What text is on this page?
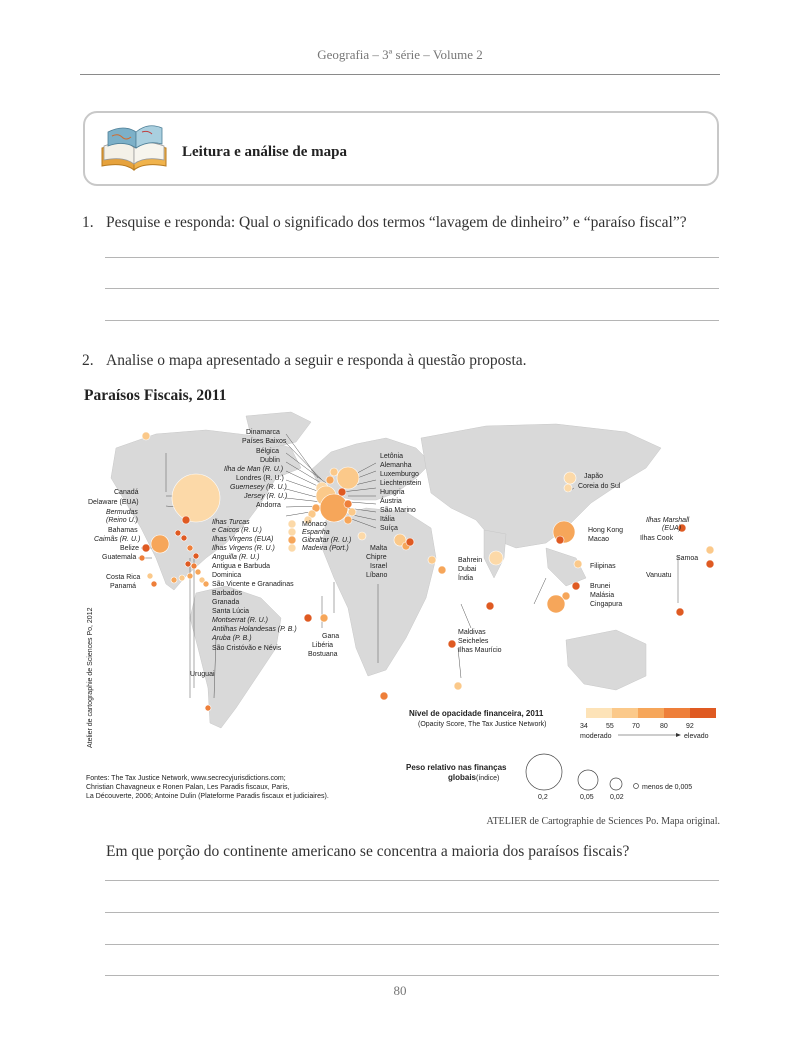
Geografia – 3ª série – Volume 2
Leitura e análise de mapa
1. Pesquise e responda: Qual o significado dos termos “lavagem de dinheiro” e “paraíso fiscal”?
2. Analise o mapa apresentado a seguir e responda à questão proposta.
Paraísos Fiscais, 2011
Dinamarca
Países Baixos
Bélgica
Dublin
Ilha de Man (R. U.)
Londres (R. U.)
Guernesey (R. U.)
Jersey (R. U.)
Andorra
Letônia
Alemanha
Luxemburgo
Liechtenstein
Hungria
Áustria
São Marino
Itália
Suíça
Mônaco
Espanha
Gibraltar (R. U.)
Madeira (Port.)	Malta
Chipre
Israel
Líbano
Bahrein
Dubai
Índia
Japão
Coreia do Sul
Hong Kong
Macao
Filipinas
Brunei
Malásia
Cingapura
Ilhas Marshall
(EUA)
Ilhas Cook
Samoa
Vanuatu
Canadá
Delaware (EUA)
Bermudas
(Reino U.)
Bahamas
Caimãs (R. U.)
Belize
Guatemala
Costa Rica
Panamá
Ilhas Turcas
e Caicos (R. U.)
Ilhas Virgens (EUA)
Ilhas Virgens (R. U.)
Anguilla (R. U.)
Antigua e Barbuda
Dominica
São Vicente e Granadinas
Barbados
Granada
Santa Lúcia
Montserrat (R. U.)
Antilhas Holandesas (P. B.)
Aruba (P. B.)
São Cristóvão e Névis
Uruguai
Gana
Libéria
Bostuana
Maldivas
Seicheles
Ilhas Maurício
Atelier de cartographie de Sciences Po, 2012	Nível de opacidade financeira, 2011
(Opacity Score, The Tax Justice Network)	34	55	70	80	92
moderado	elevado
Peso relativo nas finanças
globais (índice)
0,2	0,05 0,02
menos de 0,005
Fontes: The Tax Justice Network, www.secrecyjurisdictions.com;
Christian Chavagneux e Ronen Palan, Les Paradis fiscaux, Paris,
La Découverte, 2006; Antoine Dulin (Plateforme Paradis fiscaux et judiciaires).
ATELIER de Cartographie de Sciences Po. Mapa original.
Em que porção do continente americano se concentra a maioria dos paraísos fiscais?
80
